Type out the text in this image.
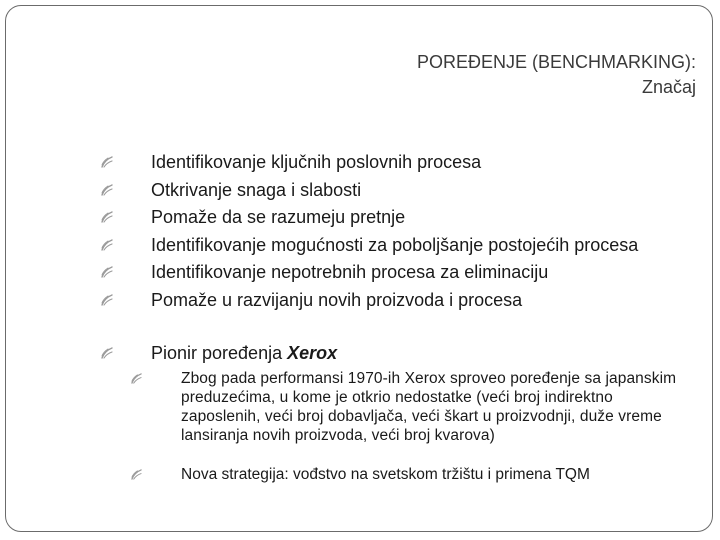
POREĐENJE (BENCHMARKING):
Značaj
Identifikovanje ključnih poslovnih procesa
Otkrivanje snaga i slabosti
Pomaže da se razumeju pretnje
Identifikovanje mogućnosti za poboljšanje postojećih procesa
Identifikovanje nepotrebnih procesa za eliminaciju
Pomaže u razvijanju novih proizvoda i procesa
Pionir poređenja Xerox
Zbog pada performansi 1970-ih Xerox sproveo poređenje sa japanskim preduzećima, u kome je otkrio nedostatke (veći broj indirektno zaposlenih, veći broj dobavljača, veći škart u proizvodnji, duže vreme lansiranja novih proizvoda, veći broj kvarova)
Nova strategija: vođstvo na svetskom tržištu i primena TQM
